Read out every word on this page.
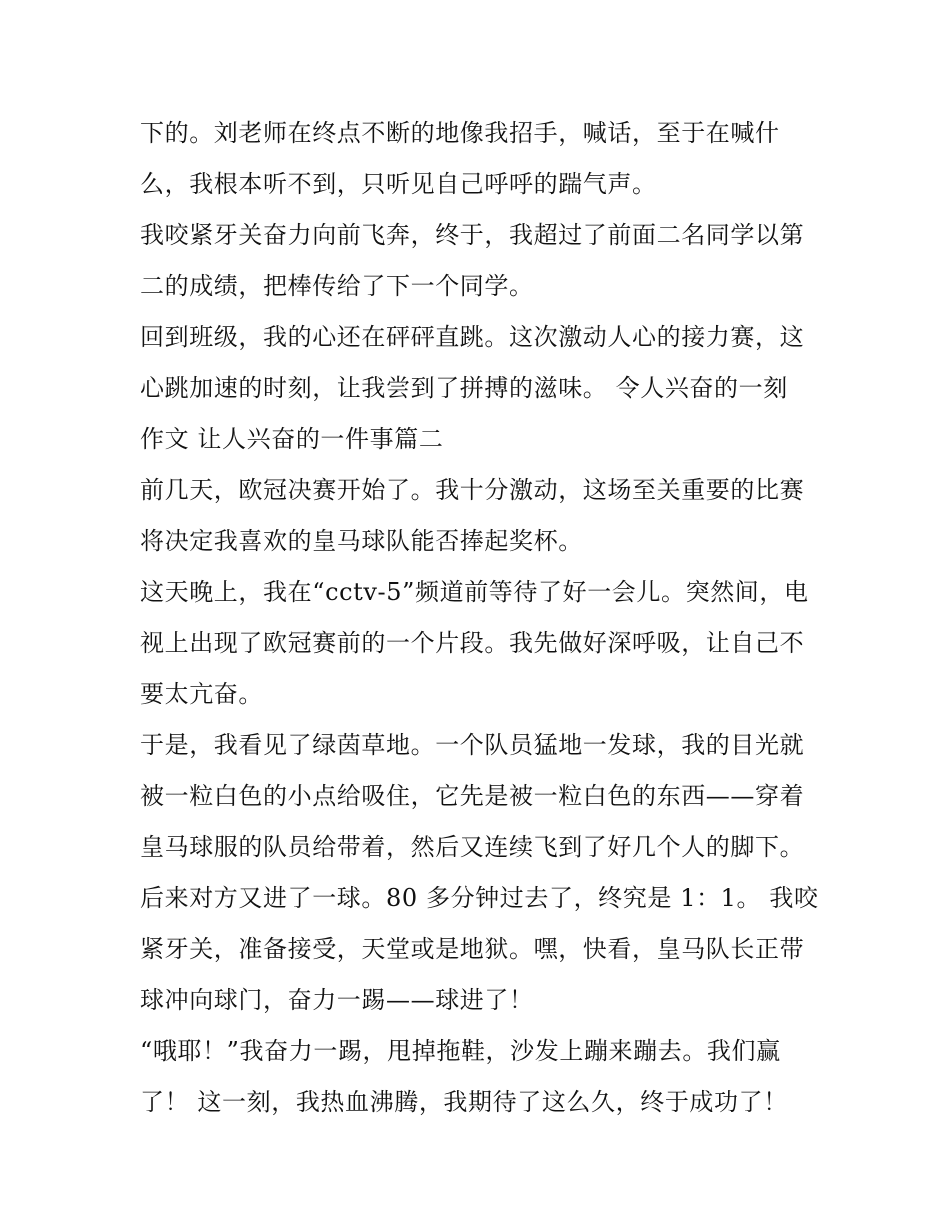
下的。刘老师在终点不断的地像我招手，喊话，至于在喊什
么，我根本听不到，只听见自己呼呼的踹气声。
我咬紧牙关奋力向前飞奔，终于，我超过了前面二名同学以第
二的成绩，把棒传给了下一个同学。
回到班级，我的心还在砰砰直跳。这次激动人心的接力赛，这
心跳加速的时刻，让我尝到了拼搏的滋味。 令人兴奋的一刻
作文 让人兴奋的一件事篇二
前几天，欧冠决赛开始了。我十分激动，这场至关重要的比赛
将决定我喜欢的皇马球队能否捧起奖杯。
这天晚上，我在“cctv-5”频道前等待了好一会儿。突然间，电
视上出现了欧冠赛前的一个片段。我先做好深呼吸，让自己不
要太亢奋。
于是，我看见了绿茵草地。一个队员猛地一发球，我的目光就
被一粒白色的小点给吸住，它先是被一粒白色的东西——穿着
皇马球服的队员给带着，然后又连续飞到了好几个人的脚下。
后来对方又进了一球。80 多分钟过去了，终究是 1：1。 我咬
紧牙关，准备接受，天堂或是地狱。嘿，快看，皇马队长正带
球冲向球门，奋力一踢——球进了！
“哦耶！”我奋力一踢，甩掉拖鞋，沙发上蹦来蹦去。我们赢
了！ 这一刻，我热血沸腾，我期待了这么久，终于成功了！
